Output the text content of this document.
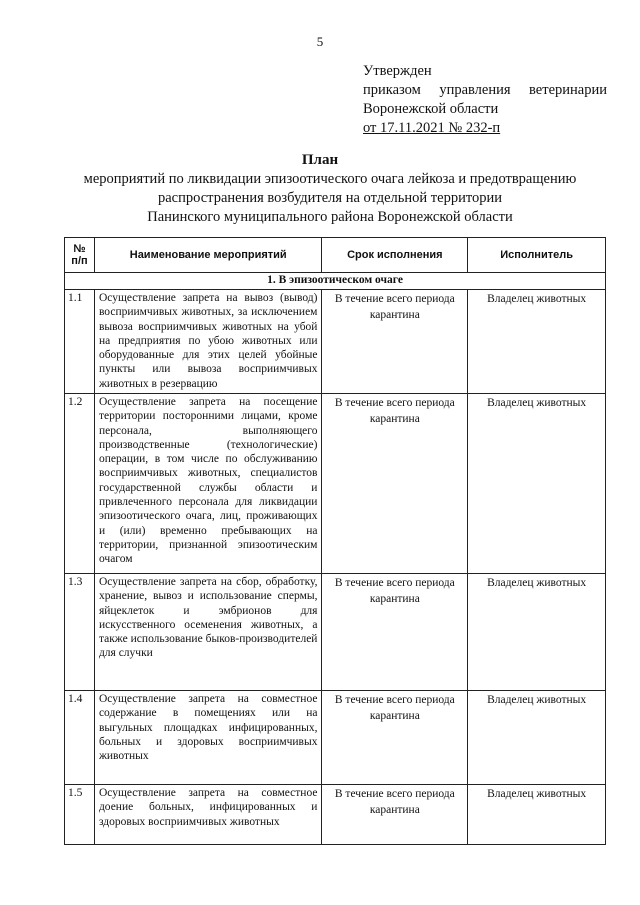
5
Утвержден
приказом управления ветеринарии
Воронежской области
от 17.11.2021 № 232-п
План
мероприятий по ликвидации эпизоотического очага лейкоза и предотвращению
распространения возбудителя на отдельной территории
Панинского муниципального района Воронежской области
№ п/п	Наименование мероприятий	Срок исполнения	Исполнитель
1. В эпизоотическом очаге			
1.1	Осуществление запрета на вывоз (вывод) восприимчивых животных, за исключением вывоза восприимчивых животных на убой на предприятия по убою животных или оборудованные для этих целей убойные пункты или вывоза восприимчивых животных в резервацию	В течение всего периода карантина	Владелец животных
1.2	Осуществление запрета на посещение территории посторонними лицами, кроме персонала, выполняющего производственные (технологические) операции, в том числе по обслуживанию восприимчивых животных, специалистов государственной службы области и привлеченного персонала для ликвидации эпизоотического очага, лиц, проживающих и (или) временно пребывающих на территории, признанной эпизоотическим очагом	В течение всего периода карантина	Владелец животных
1.3	Осуществление запрета на сбор, обработку, хранение, вывоз и использование спермы, яйцеклеток и эмбрионов для искусственного осеменения животных, а также использование быков-производителей для случки	В течение всего периода карантина	Владелец животных
1.4	Осуществление запрета на совместное содержание в помещениях или на выгульных площадках инфицированных, больных и здоровых восприимчивых животных	В течение всего периода карантина	Владелец животных
1.5	Осуществление запрета на совместное доение больных, инфицированных и здоровых восприимчивых животных	В течение всего периода карантина	Владелец животных
